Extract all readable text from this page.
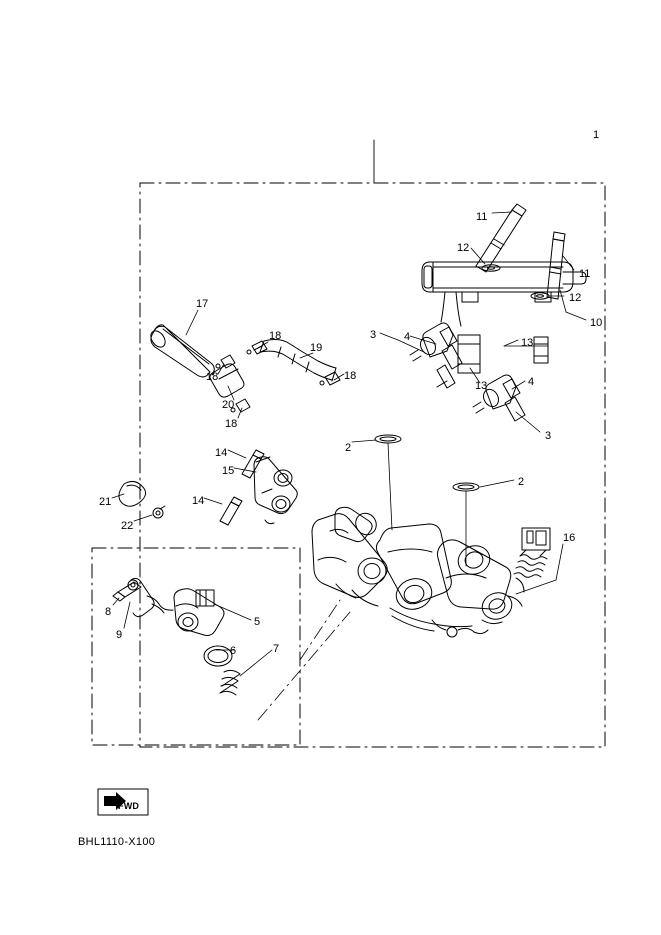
1
11
12
11
12
10
17
18
19
3	4	13
18	18
13
20
4
3
18
2
14
15
2
14
21
22
16
8
5
9
7
6
FWD
BHL1110-X100
